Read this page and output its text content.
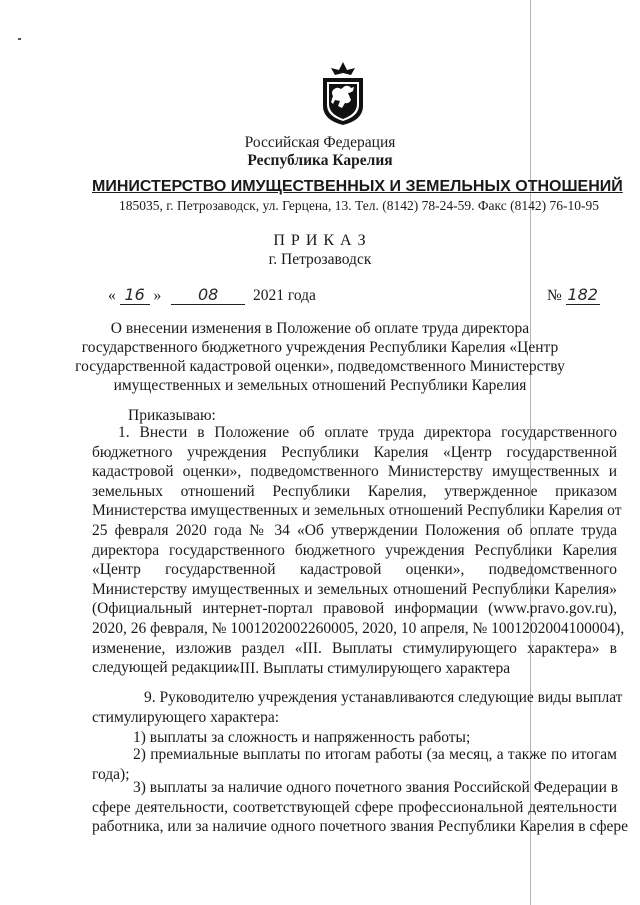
Российская Федерация
Республика Карелия
МИНИСТЕРСТВО ИМУЩЕСТВЕННЫХ И ЗЕМЕЛЬНЫХ ОТНОШЕНИЙ
185035, г. Петрозаводск, ул. Герцена, 13. Тел. (8142) 78-24-59. Факс (8142) 76-10-95
П Р И К А З
г. Петрозаводск
« 16 » 08 2021 года	№ 182
О внесении изменения в Положение об оплате труда директора
государственного бюджетного учреждения Республики Карелия «Центр
государственной кадастровой оценки», подведомственного Министерству
имущественных и земельных отношений Республики Карелия
Приказываю:
1. Внести в Положение об оплате труда директора государственного
бюджетного учреждения Республики Карелия «Центр государственной
кадастровой оценки», подведомственного Министерству имущественных и
земельных отношений Республики Карелия, утвержденное приказом
Министерства имущественных и земельных отношений Республики Карелия от
25 февраля 2020 года № 34 «Об утверждении Положения об оплате труда
директора государственного бюджетного учреждения Республики Карелия
«Центр государственной кадастровой оценки», подведомственного
Министерству имущественных и земельных отношений Республики Карелия»
(Официальный интернет-портал правовой информации (www.pravo.gov.ru),
2020, 26 февраля, № 1001202002260005, 2020, 10 апреля, № 1001202004100004),
изменение, изложив раздел «III. Выплаты стимулирующего характера» в
следующей редакции:
«III. Выплаты стимулирующего характера
9. Руководителю учреждения устанавливаются следующие виды выплат
стимулирующего характера:
1) выплаты за сложность и напряженность работы;
2) премиальные выплаты по итогам работы (за месяц, а также по итогам
года);
3) выплаты за наличие одного почетного звания Российской Федерации в
сфере деятельности, соответствующей сфере профессиональной деятельности
работника, или за наличие одного почетного звания Республики Карелия в сфере
